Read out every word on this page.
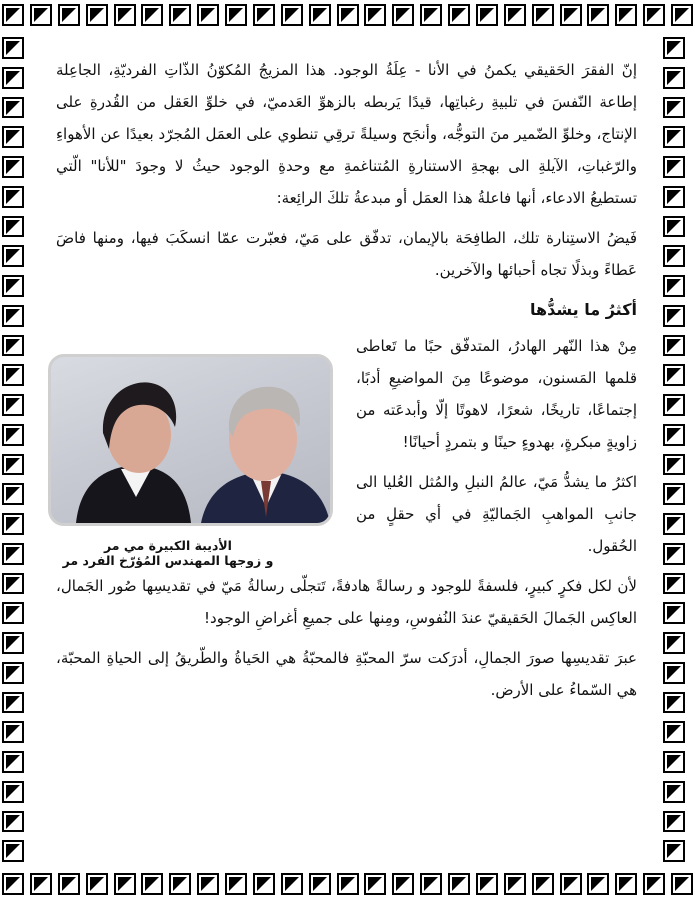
الأديبة الكبيرة مي مر
و زوجها المهندس المُؤرّخ الفرد مر

إنّ الفقرَ الحَقيقي يكمنُ في الأنا - عِلَةُ الوجود. هذا المزيجُ المُكوّنُ الذّاتِ الفرديّةِ، الجاعِلة إطاعة النّفسَ في تلبيةِ رغباتِها، قيدًا يَربطه بالزهوِّ العَدميّ، في خلوِّ العَقل من القُدرةِ على الإنتاج، وخلوِّ الضّمير منَ التوجُّه، وأنجَح وسيلةً ترقِي تنطوي على العمَل المُجرّد بعيدًا عن الأهواءِ والرّغباتِ، الآيلةِ الى بهجةِ الاستنارةِ المُتناغمةِ مع وحدةِ الوجود حيثُ لا وجودَ "للأنا" الّتي تستطيعُ الادعاء، أنها فاعلةُ هذا العمَل أو مبدعةُ تلكَ الرائِعة:

فَيضُ الاستِنارة تلك، الطافِحَة بالإيمان، تدفّق على مَيّ، فعبّرت عمّا انسكَبَ فيها، ومنها فاضَ عَطاءً وبذلًا تجاه أحبائها والآخرين.

أكثرُ ما يشدُّها

مِنْ هذا النّهر الهادرُ، المتدفّق حبًا ما تَعاطى قلمها المَسنون، موضوعًا مِنَ المواضيعِ أدبًا، إجتماعًا، تاريخًا، شعرًا، لاهوتًا إلّا وأبدعَته من زاويةٍ مبكرةٍ، بهدوءٍ حينًا و بتمردٍ أحيانًا!

اكثرُ ما يشدُّ مَيّ، عالمُ النبلِ والمُثل العُليا الى جانبِ المواهبِ الجَماليّةِ في أي حقلٍ من الحُقول.

لأن لكل فكرٍ كبيرٍ، فلسفةً للوجود و رسالةً هادفةً، تَتجلّى رسالةُ مَيّ في تقديسِها صُور الجَمال، العاكِس الجَمالَ الحَقيقيّ عندَ النُفوسِ، ومِنها على جميعِ أغراضِ الوجود!

عبرَ تقديسِها صورَ الجمالِ، أدرَكت سرّ المحبّةِ فالمحبّةُ هي الحَياةُ والطّريقُ إلى الحياةِ المحبّة، هي السّماءُ على الأرض.
